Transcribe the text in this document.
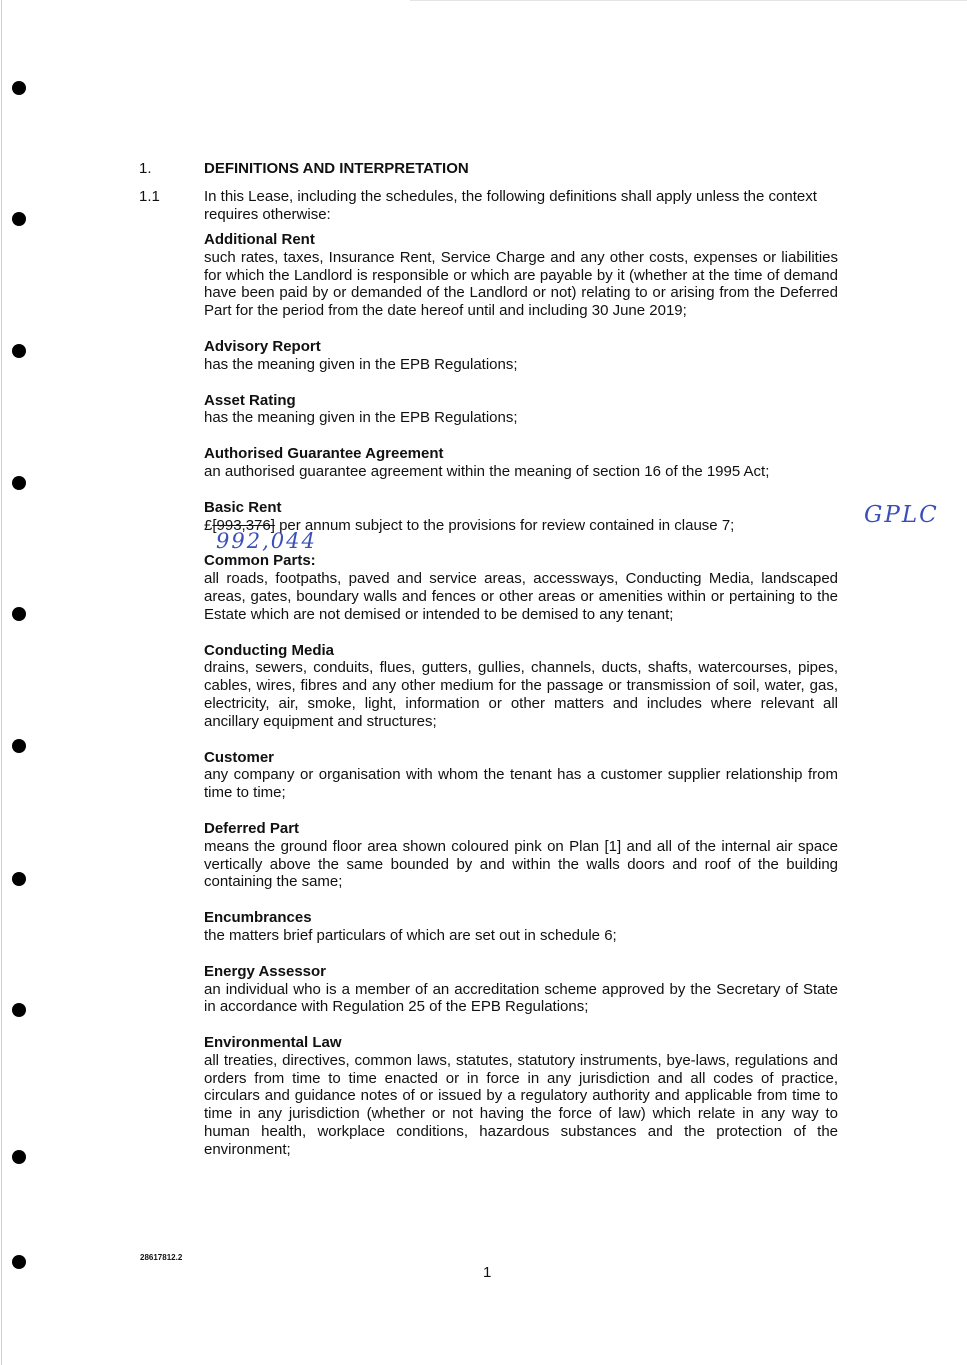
1.	DEFINITIONS AND INTERPRETATION
1.1	In this Lease, including the schedules, the following definitions shall apply unless the context requires otherwise:
Additional Rent
such rates, taxes, Insurance Rent, Service Charge and any other costs, expenses or liabilities for which the Landlord is responsible or which are payable by it (whether at the time of demand have been paid by or demanded of the Landlord or not) relating to or arising from the Deferred Part for the period from the date hereof until and including 30 June 2019;
Advisory Report
has the meaning given in the EPB Regulations;
Asset Rating
has the meaning given in the EPB Regulations;
Authorised Guarantee Agreement
an authorised guarantee agreement within the meaning of section 16 of the 1995 Act;
Basic Rent
£[993,376] per annum subject to the provisions for review contained in clause 7;
Common Parts:
all roads, footpaths, paved and service areas, accessways, Conducting Media, landscaped areas, gates, boundary walls and fences or other areas or amenities within or pertaining to the Estate which are not demised or intended to be demised to any tenant;
Conducting Media
drains, sewers, conduits, flues, gutters, gullies, channels, ducts, shafts, watercourses, pipes, cables, wires, fibres and any other medium for the passage or transmission of soil, water, gas, electricity, air, smoke, light, information or other matters and includes where relevant all ancillary equipment and structures;
Customer
any company or organisation with whom the tenant has a customer supplier relationship from time to time;
Deferred Part
means the ground floor area shown coloured pink on Plan [1] and all of the internal air space vertically above the same bounded by and within the walls doors and roof of the building containing the same;
Encumbrances
the matters brief particulars of which are set out in schedule 6;
Energy Assessor
an individual who is a member of an accreditation scheme approved by the Secretary of State in accordance with Regulation 25 of the EPB Regulations;
Environmental Law
all treaties, directives, common laws, statutes, statutory instruments, bye-laws, regulations and orders from time to time enacted or in force in any jurisdiction and all codes of practice, circulars and guidance notes of or issued by a regulatory authority and applicable from time to time in any jurisdiction (whether or not having the force of law) which relate in any way to human health, workplace conditions, hazardous substances and the protection of the environment;
992,044
GPLC
28617812.2
1
